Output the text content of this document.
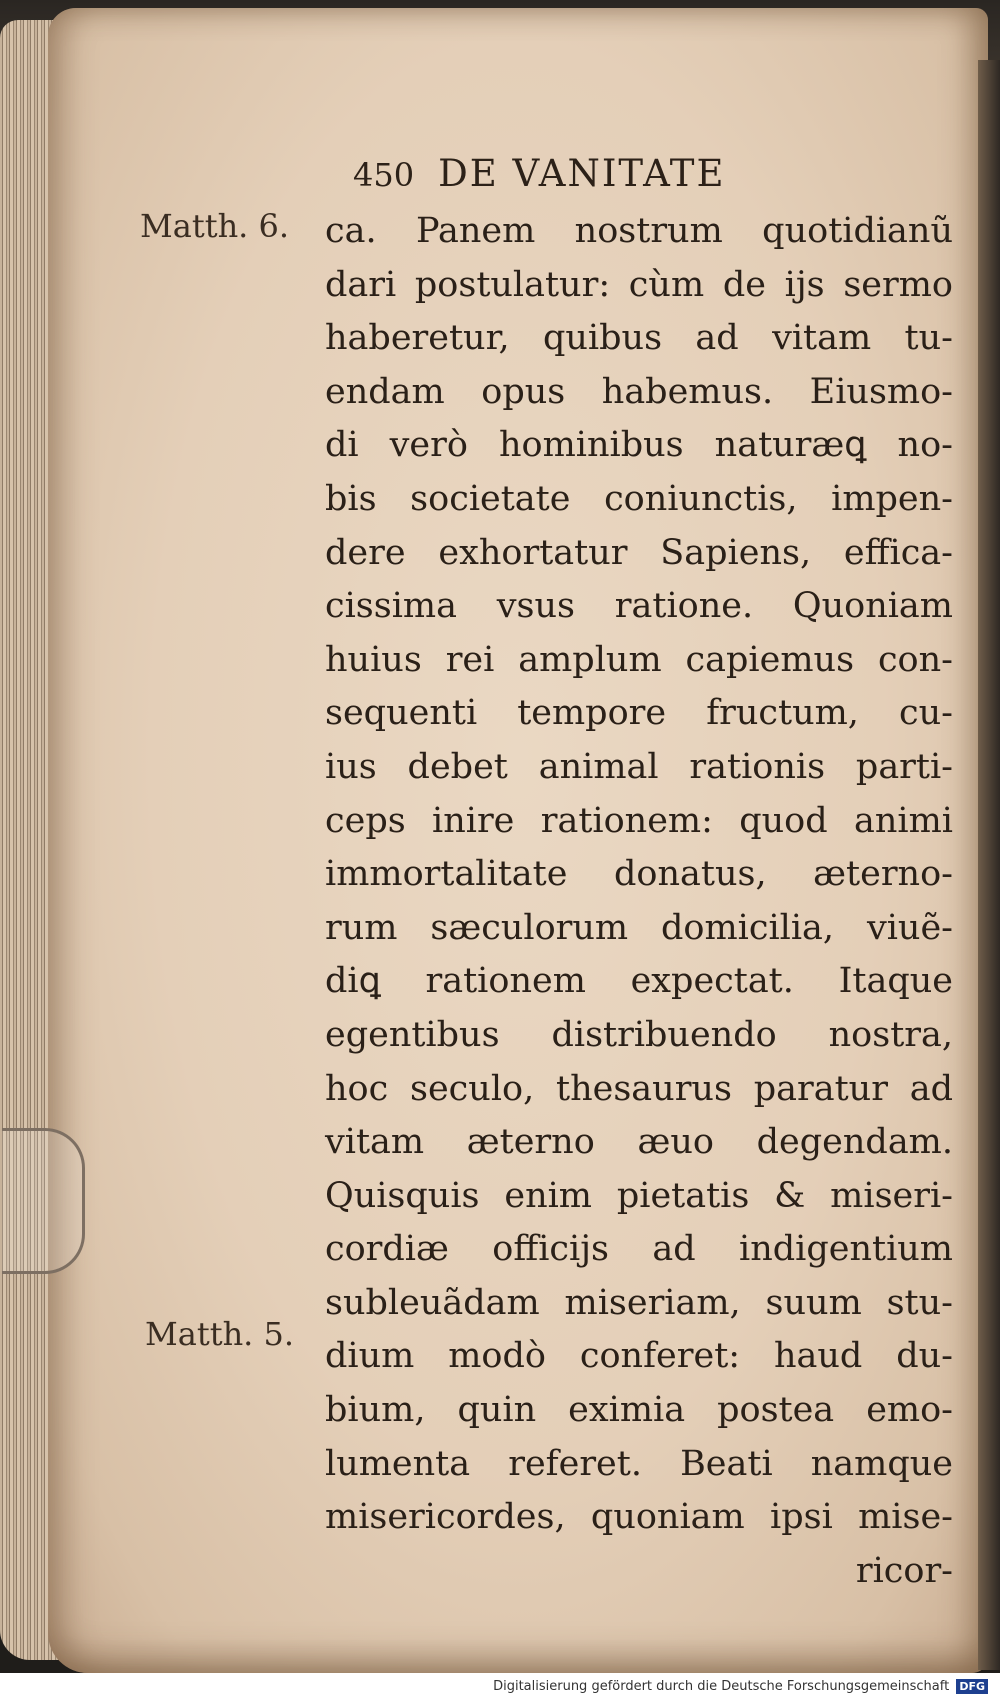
450 DE VANITATE
Matth. 6.
Matth. 5.
ca. Panem nostrum quotidianũ
dari postulatur: cùm de ijs sermo
haberetur, quibus ad vitam tu-
endam opus habemus. Eiusmo-
di verò hominibus naturæꝗ no-
bis societate coniunctis, impen-
dere exhortatur Sapiens, effica-
cissima vsus ratione. Quoniam
huius rei amplum capiemus con-
sequenti tempore fructum, cu-
ius debet animal rationis parti-
ceps inire rationem: quod animi
immortalitate donatus, æterno-
rum sæculorum domicilia, viuẽ-
diꝗ rationem expectat. Itaque
egentibus distribuendo nostra,
hoc seculo, thesaurus paratur ad
vitam æterno æuo degendam.
Quisquis enim pietatis & miseri-
cordiæ officijs ad indigentium
subleuãdam miseriam, suum stu-
dium modò conferet: haud du-
bium, quin eximia postea emo-
lumenta referet. Beati namque
misericordes, quoniam ipsi mise-
ricor-
Digitalisierung gefördert durch die Deutsche Forschungsgemeinschaft DFG
